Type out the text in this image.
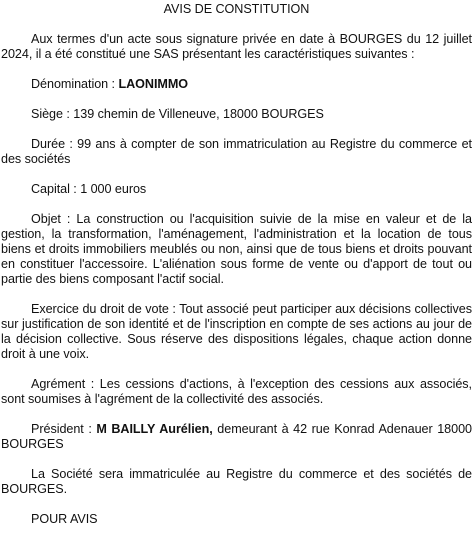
AVIS DE CONSTITUTION

Aux termes d'un acte sous signature privée en date à BOURGES du 12 juillet 2024, il a été constitué une SAS présentant les caractéristiques suivantes :

Dénomination : LAONIMMO

Siège : 139 chemin de Villeneuve, 18000 BOURGES

Durée : 99 ans à compter de son immatriculation au Registre du commerce et des sociétés

Capital : 1 000 euros

Objet : La construction ou l'acquisition suivie de la mise en valeur et de la gestion, la transformation, l'aménagement, l'administration et la location de tous biens et droits immobiliers meublés ou non, ainsi que de tous biens et droits pouvant en constituer l'accessoire. L'aliénation sous forme de vente ou d'apport de tout ou partie des biens composant l'actif social.

Exercice du droit de vote : Tout associé peut participer aux décisions collectives sur justification de son identité et de l'inscription en compte de ses actions au jour de la décision collective. Sous réserve des dispositions légales, chaque action donne droit à une voix.

Agrément : Les cessions d'actions, à l'exception des cessions aux associés, sont soumises à l'agrément de la collectivité des associés.

Président : M BAILLY Aurélien, demeurant à 42 rue Konrad Adenauer 18000 BOURGES

La Société sera immatriculée au Registre du commerce et des sociétés de BOURGES.

POUR AVIS
